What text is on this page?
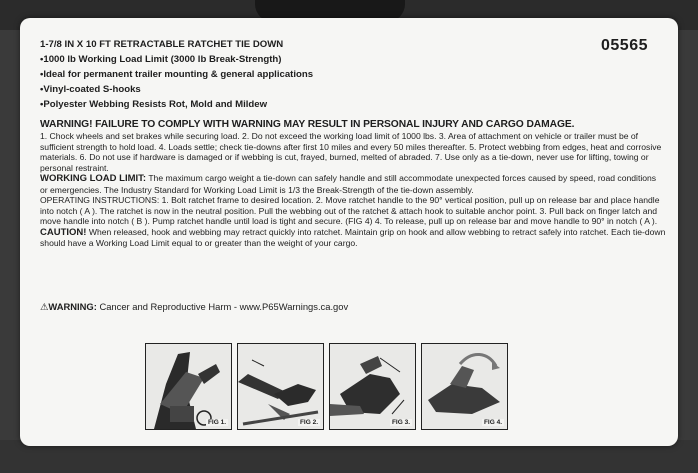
1-7/8 IN X 10 FT RETRACTABLE RATCHET TIE DOWN	05565
• 1000 lb Working Load Limit (3000 lb Break-Strength)
• Ideal for permanent trailer mounting & general applications
• Vinyl-coated S-hooks
• Polyester Webbing Resists Rot, Mold and Mildew
WARNING! FAILURE TO COMPLY WITH WARNING MAY RESULT IN PERSONAL INJURY AND CARGO DAMAGE.

1. Chock wheels and set brakes while securing load. 2. Do not exceed the working load limit of 1000 lbs. 3. Area of attachment on vehicle or trailer must be of sufficient strength to hold load. 4. Loads settle; check tie-downs after first 10 miles and every 50 miles thereafter. 5. Protect webbing from edges, heat and corrosive materials. 6. Do not use if hardware is damaged or if webbing is cut, frayed, burned, melted of abraded. 7. Use only as a tie-down, never use for lifting, towing or personal restraint.

WORKING LOAD LIMIT: The maximum cargo weight a tie-down can safely handle and still accommodate unexpected forces caused by speed, road conditions or emergencies. The Industry Standard for Working Load Limit is 1/3 the Break-Strength of the tie-down assembly.

OPERATING INSTRUCTIONS: 1. Bolt ratchet frame to desired location. 2. Move ratchet handle to the 90° vertical position, pull up on release bar and place handle into notch ( A ). The ratchet is now in the neutral position. Pull the webbing out of the ratchet & attach hook to suitable anchor point. 3. Pull back on finger latch and move handle into notch ( B ). Pump ratchet handle until load is tight and secure. (FIG 4) 4. To release, pull up on release bar and move handle to 90° in notch ( A ).

CAUTION! When released, hook and webbing may retract quickly into ratchet. Maintain grip on hook and allow webbing to retract safely into ratchet. Each tie-down should have a Working Load Limit equal to or greater than the weight of your cargo.

⚠WARNING: Cancer and Reproductive Harm - www.P65Warnings.ca.gov
FIG 1.	FIG 2.	FIG 3.	FIG 4.
